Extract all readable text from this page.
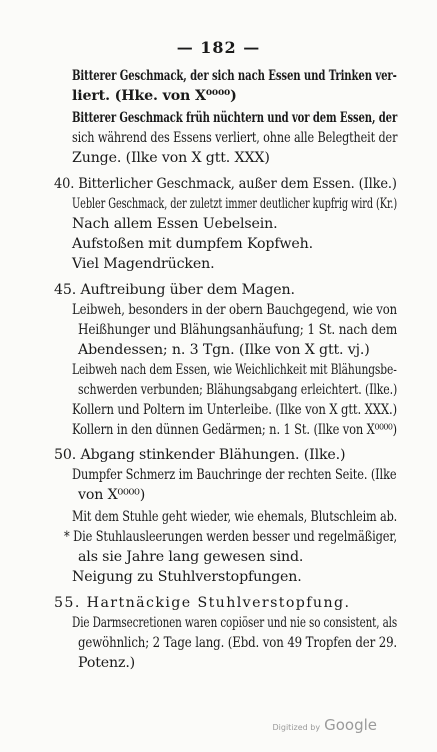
— 182 —
Bitterer Geschmack, der sich nach Essen und Trinken ver-
liert. (Hke. von X⁰⁰⁰⁰)
Bitterer Geschmack früh nüchtern und vor dem Essen, der
sich während des Essens verliert, ohne alle Belegtheit der
Zunge. (Ilke von X gtt. XXX)
40. Bitterlicher Geschmack, außer dem Essen. (Ilke.)
Uebler Geschmack, der zuletzt immer deutlicher kupfrig wird (Kr.)
Nach allem Essen Uebelsein.
Aufstoßen mit dumpfem Kopfweh.
Viel Magendrücken.
45. Auftreibung über dem Magen.
Leibweh, besonders in der obern Bauchgegend, wie von
Heißhunger und Blähungsanhäufung; 1 St. nach dem
Abendessen; n. 3 Tgn. (Ilke von X gtt. vj.)
Leibweh nach dem Essen, wie Weichlichkeit mit Blähungsbe-
schwerden verbunden; Blähungsabgang erleichtert. (Ilke.)
Kollern und Poltern im Unterleibe. (Ilke von X gtt. XXX.)
Kollern in den dünnen Gedärmen; n. 1 St. (Ilke von X⁰⁰⁰⁰)
50. Abgang stinkender Blähungen. (Ilke.)
Dumpfer Schmerz im Bauchringe der rechten Seite. (Ilke
von X⁰⁰⁰⁰)
Mit dem Stuhle geht wieder, wie ehemals, Blutschleim ab.
* Die Stuhlausleerungen werden besser und regelmäßiger,
als sie Jahre lang gewesen sind.
Neigung zu Stuhlverstopfungen.
55. Hartnäckige Stuhlverstopfung.
Die Darmsecretionen waren copiöser und nie so consistent, als
gewöhnlich; 2 Tage lang. (Ebd. von 49 Tropfen der 29.
Potenz.)
Digitized by Google
